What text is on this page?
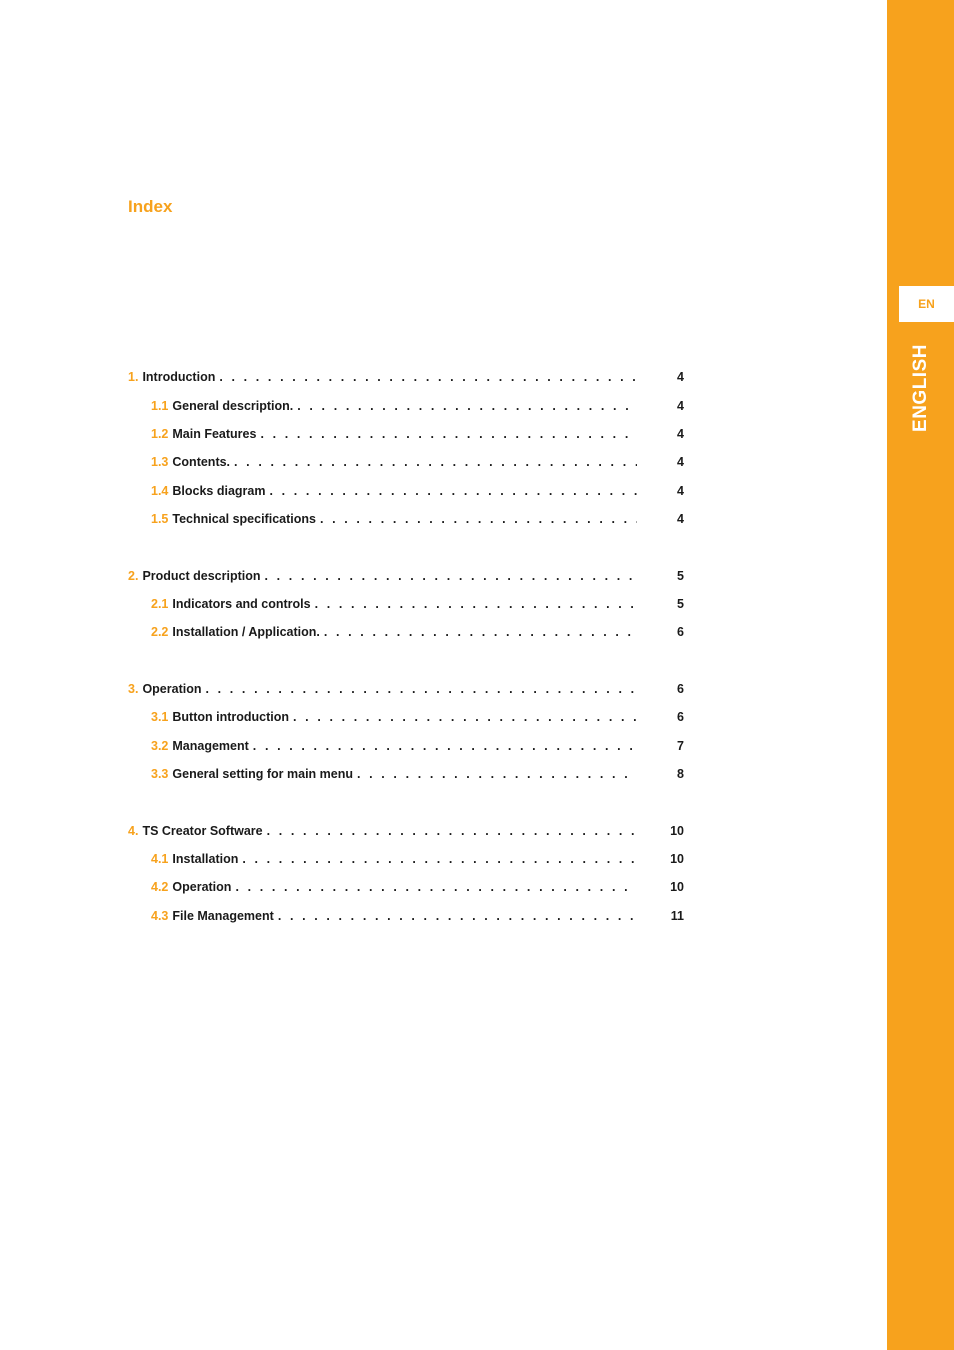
EN
ENGLISH
Index
1. Introduction . . .	4
1.1 General description. . . .	4
1.2 Main Features . . .	4
1.3 Contents. . . .	4
1.4 Blocks diagram . . .	4
1.5 Technical specifications . . .	4
2. Product description . . .	5
2.1 Indicators and controls . . .	5
2.2 Installation / Application. . . .	6
3. Operation . . .	6
3.1 Button introduction . . .	6
3.2 Management . . .	7
3.3 General setting for main menu . . .	8
4. TS Creator Software . . .	10
4.1 Installation . . .	10
4.2 Operation . . .	10
4.3 File Management . . .	11
